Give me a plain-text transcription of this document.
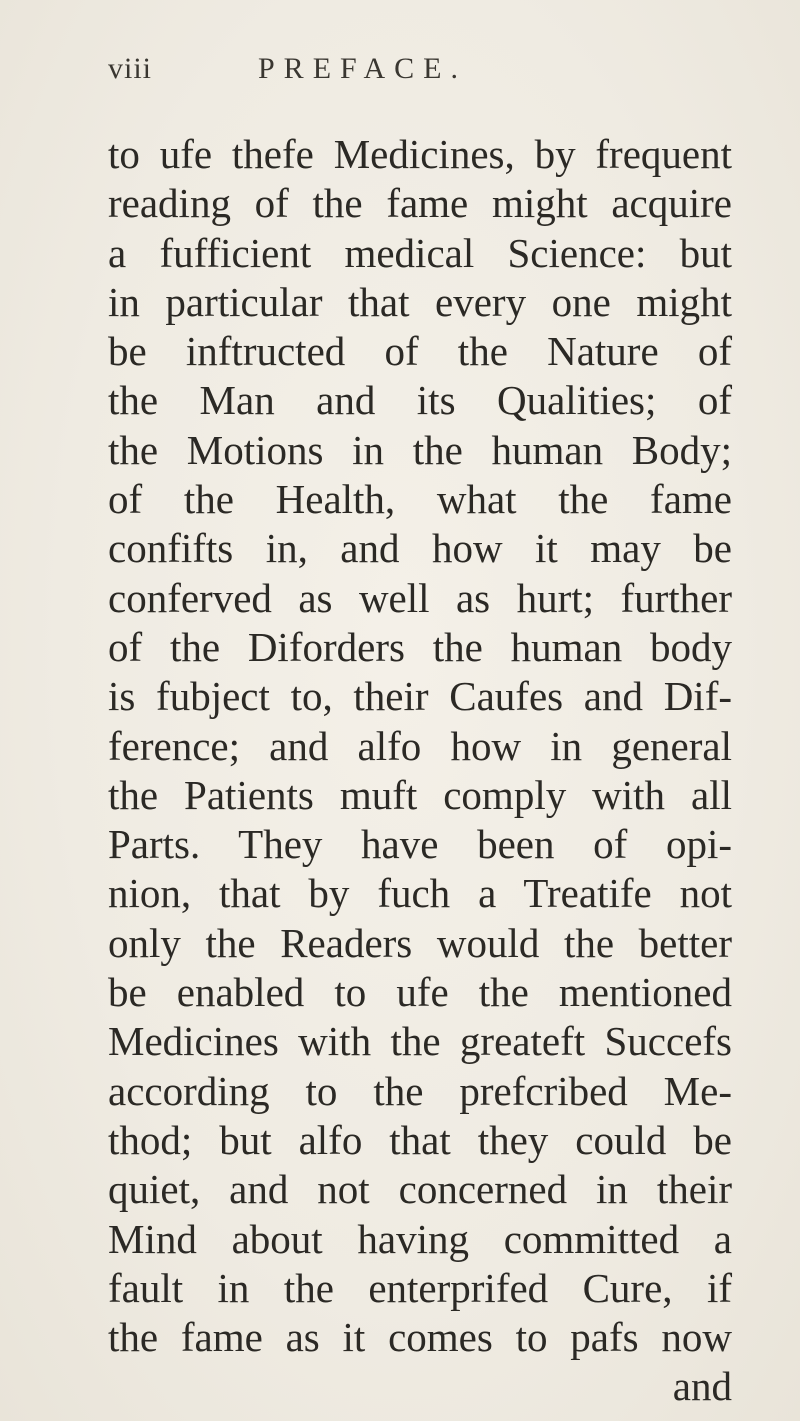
viii	PREFACE.
to ufe thefe Medicines, by frequent
reading of the fame might acquire
a fufficient medical Science: but
in particular that every one might
be inftructed of the Nature of
the Man and its Qualities; of
the Motions in the human Body;
of the Health, what the fame
confifts in, and how it may be
conferved as well as hurt; further
of the Diforders the human body
is fubject to, their Caufes and Dif-
ference; and alfo how in general
the Patients muft comply with all
Parts. They have been of opi-
nion, that by fuch a Treatife not
only the Readers would the better
be enabled to ufe the mentioned
Medicines with the greateft Succefs
according to the prefcribed Me-
thod; but alfo that they could be
quiet, and not concerned in their
Mind about having committed a
fault in the enterprifed Cure, if
the fame as it comes to pafs now
and
